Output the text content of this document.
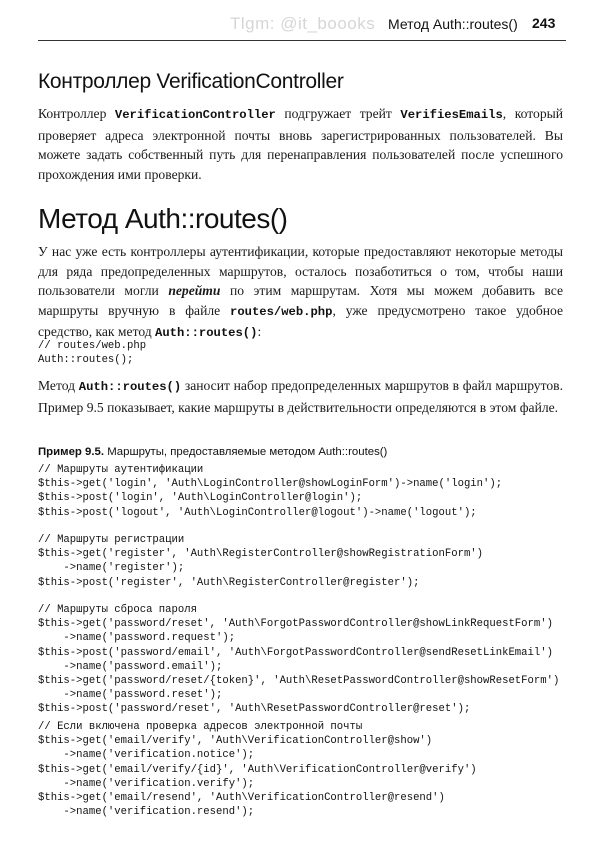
Tlgm: @it_boooks Метод Auth::routes() 243
Контроллер VerificationController

Контроллер VerificationController подгружает трейт VerifiesEmails, который проверяет адреса электронной почты вновь зарегистрированных пользователей. Вы можете задать собственный путь для перенаправления пользователей после успешного прохождения ими проверки.

Метод Auth::routes()

У нас уже есть контроллеры аутентификации, которые предоставляют некоторые методы для ряда предопределенных маршрутов, осталось позаботиться о том, чтобы наши пользователи могли перейти по этим маршрутам. Хотя мы можем добавить все маршруты вручную в файле routes/web.php, уже предусмотрено такое удобное средство, как метод Auth::routes():

// routes/web.php
Auth::routes();

Метод Auth::routes() заносит набор предопределенных маршрутов в файл маршрутов. Пример 9.5 показывает, какие маршруты в действительности определяются в этом файле.

Пример 9.5. Маршруты, предоставляемые методом Auth::routes()
// Маршруты аутентификации
$this->get('login', 'Auth\LoginController@showLoginForm')->name('login');
$this->post('login', 'Auth\LoginController@login');
$this->post('logout', 'Auth\LoginController@logout')->name('logout');
// Маршруты регистрации
$this->get('register', 'Auth\RegisterController@showRegistrationForm')
->name('register');
$this->post('register', 'Auth\RegisterController@register');
// Маршруты сброса пароля
$this->get('password/reset', 'Auth\ForgotPasswordController@showLinkRequestForm')
->name('password.request');
$this->post('password/email', 'Auth\ForgotPasswordController@sendResetLinkEmail')
->name('password.email');
$this->get('password/reset/{token}', 'Auth\ResetPasswordController@showResetForm')
->name('password.reset');
$this->post('password/reset', 'Auth\ResetPasswordController@reset');
// Если включена проверка адресов электронной почты
$this->get('email/verify', 'Auth\VerificationController@show')
->name('verification.notice');
$this->get('email/verify/{id}', 'Auth\VerificationController@verify')
->name('verification.verify');
$this->get('email/resend', 'Auth\VerificationController@resend')
->name('verification.resend');
